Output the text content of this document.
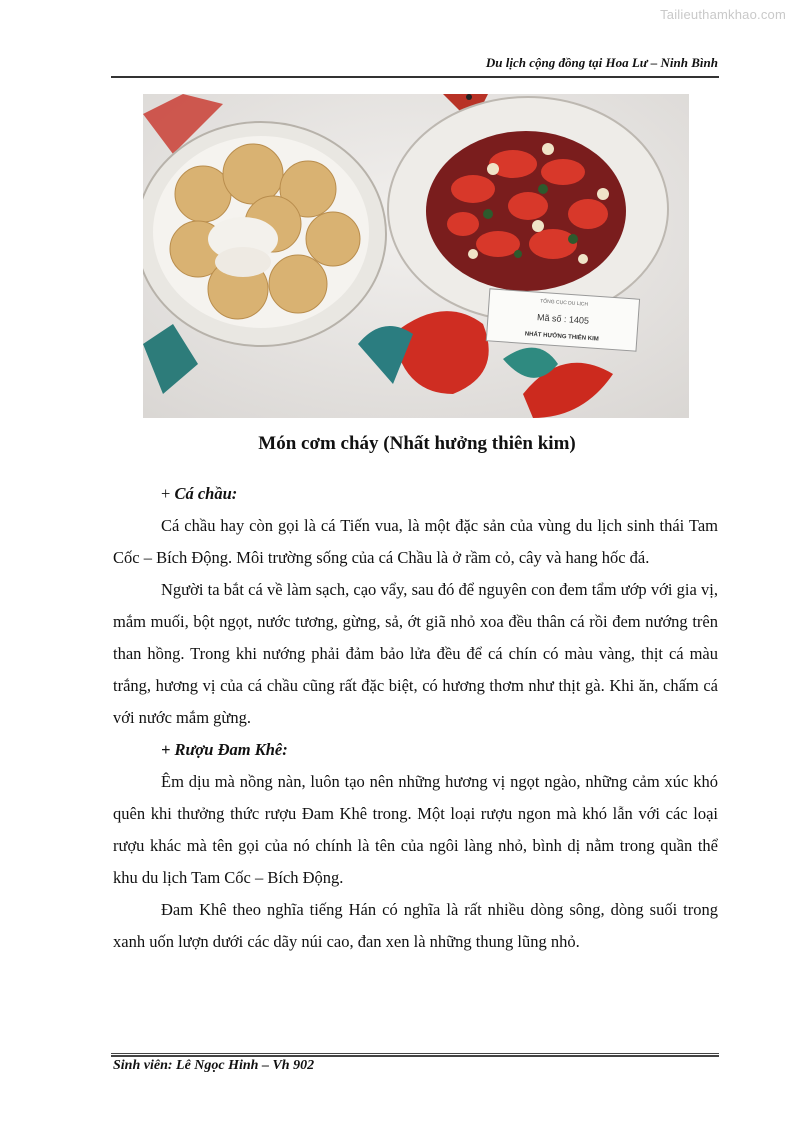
Tailieuthamkhao.com
Du lịch cộng đồng tại Hoa Lư – Ninh Bình
TỔNG CỤC DU LỊCH
Mã số : 1405
NHẤT HƯỞNG THIÊN KIM
Món cơm cháy (Nhất hưởng thiên kim)

+ Cá chầu:

Cá chầu hay còn gọi là cá Tiến vua, là một đặc sản của vùng du lịch sinh thái Tam Cốc – Bích Động. Môi trường sống của cá Chầu là ở rầm cỏ, cây và hang hốc đá.

Người ta bắt cá về làm sạch, cạo vẩy, sau đó để nguyên con đem tẩm ướp với gia vị, mắm muối, bột ngọt, nước tương, gừng, sả, ớt giã nhỏ xoa đều thân cá rồi đem nướng trên than hồng. Trong khi nướng phải đảm bảo lửa đều để cá chín có màu vàng, thịt cá màu trắng, hương vị của cá chầu cũng rất đặc biệt, có hương thơm như thịt gà. Khi ăn, chấm cá với nước mắm gừng.

+ Rượu Đam Khê:

Êm dịu mà nồng nàn, luôn tạo nên những hương vị ngọt ngào, những cảm xúc khó quên khi thưởng thức rượu Đam Khê trong. Một loại rượu ngon mà khó lẫn với các loại rượu khác mà tên gọi của nó chính là tên của ngôi làng nhỏ, bình dị nằm trong quần thể khu du lịch Tam Cốc – Bích Động.

Đam Khê theo nghĩa tiếng Hán có nghĩa là rất nhiều dòng sông, dòng suối trong xanh uốn lượn dưới các dãy núi cao, đan xen là những thung lũng nhỏ.

Sinh viên: Lê Ngọc Hinh – Vh 902
